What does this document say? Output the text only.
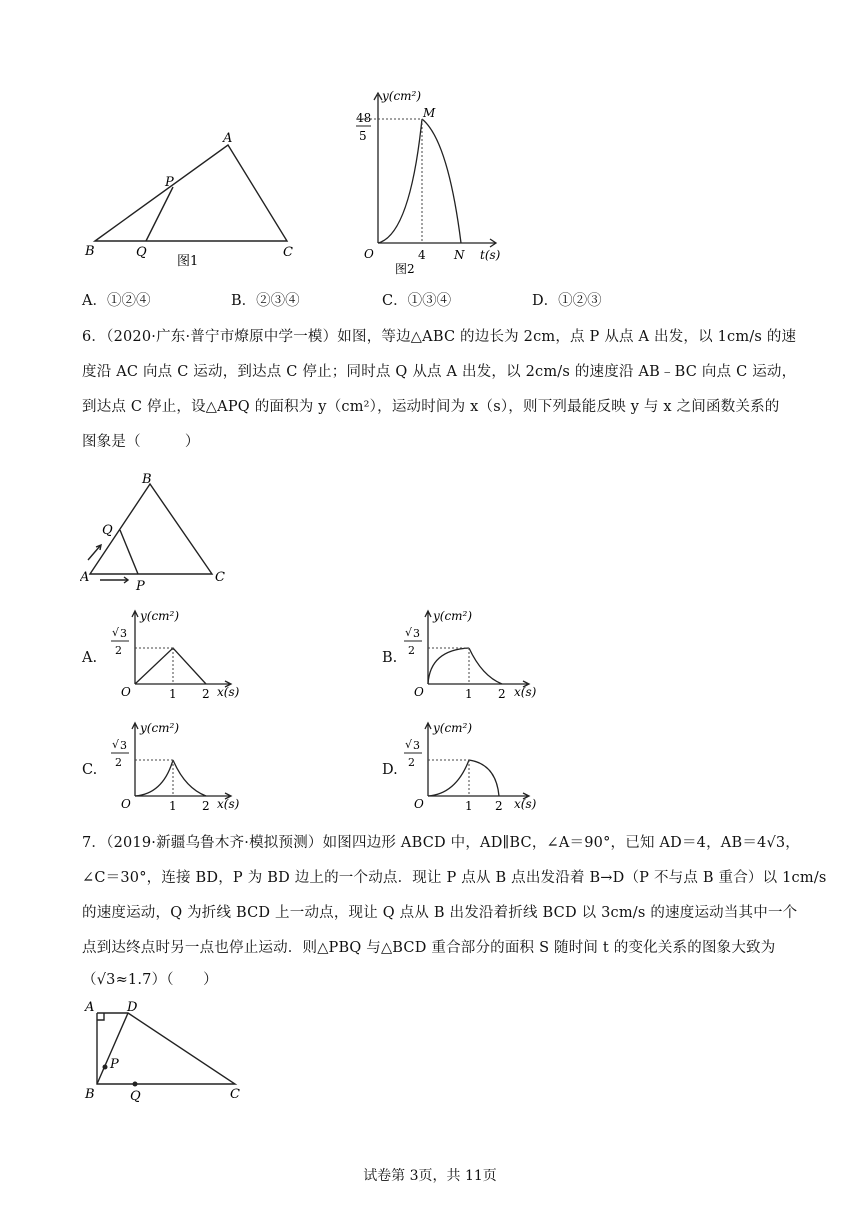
A
B	C
P
Q
图1
y(cm²)
M
48
5
O	4 N t(s)
图2
A．①②④	B．②③④	C．①③④	D．①②③

6．（2020·广东·普宁市燎原中学一模）如图，等边△ABC 的边长为 2cm，点 P 从点 A 出发，以 1cm/s 的速

度沿 AC 向点 C 运动，到达点 C 停止；同时点 Q 从点 A 出发，以 2cm/s 的速度沿 AB﹣BC 向点 C 运动，

到达点 C 停止，设△APQ 的面积为 y（cm²），运动时间为 x（s），则下列最能反映 y 与 x 之间函数关系的

图象是（　　　）

B
Q
A
P
C
A.
y(cm²)
√ 3
2
O	1 2 x(s)
B.
y(cm²)
√ 3
2
O	1 2 x(s)
C.
y(cm²)
√ 3
2
O	1 2 x(s)
D.
y(cm²)
√ 3
2
O	1 2 x(s)

7．（2019·新疆乌鲁木齐·模拟预测）如图四边形 ABCD 中，AD∥BC，∠A＝90°，已知 AD＝4，AB＝4√3，

∠C＝30°，连接 BD，P 为 BD 边上的一个动点．现让 P 点从 B 点出发沿着 B→D（P 不与点 B 重合）以 1cm/s

的速度运动，Q 为折线 BCD 上一动点，现让 Q 点从 B 出发沿着折线 BCD 以 3cm/s 的速度运动当其中一个

点到达终点时另一点也停止运动．则△PBQ 与△BCD 重合部分的面积 S 随时间 t 的变化关系的图象大致为

（√3≈1.7）（　　）

A	D
P
B	Q	C
试卷第 3页，共 11页
